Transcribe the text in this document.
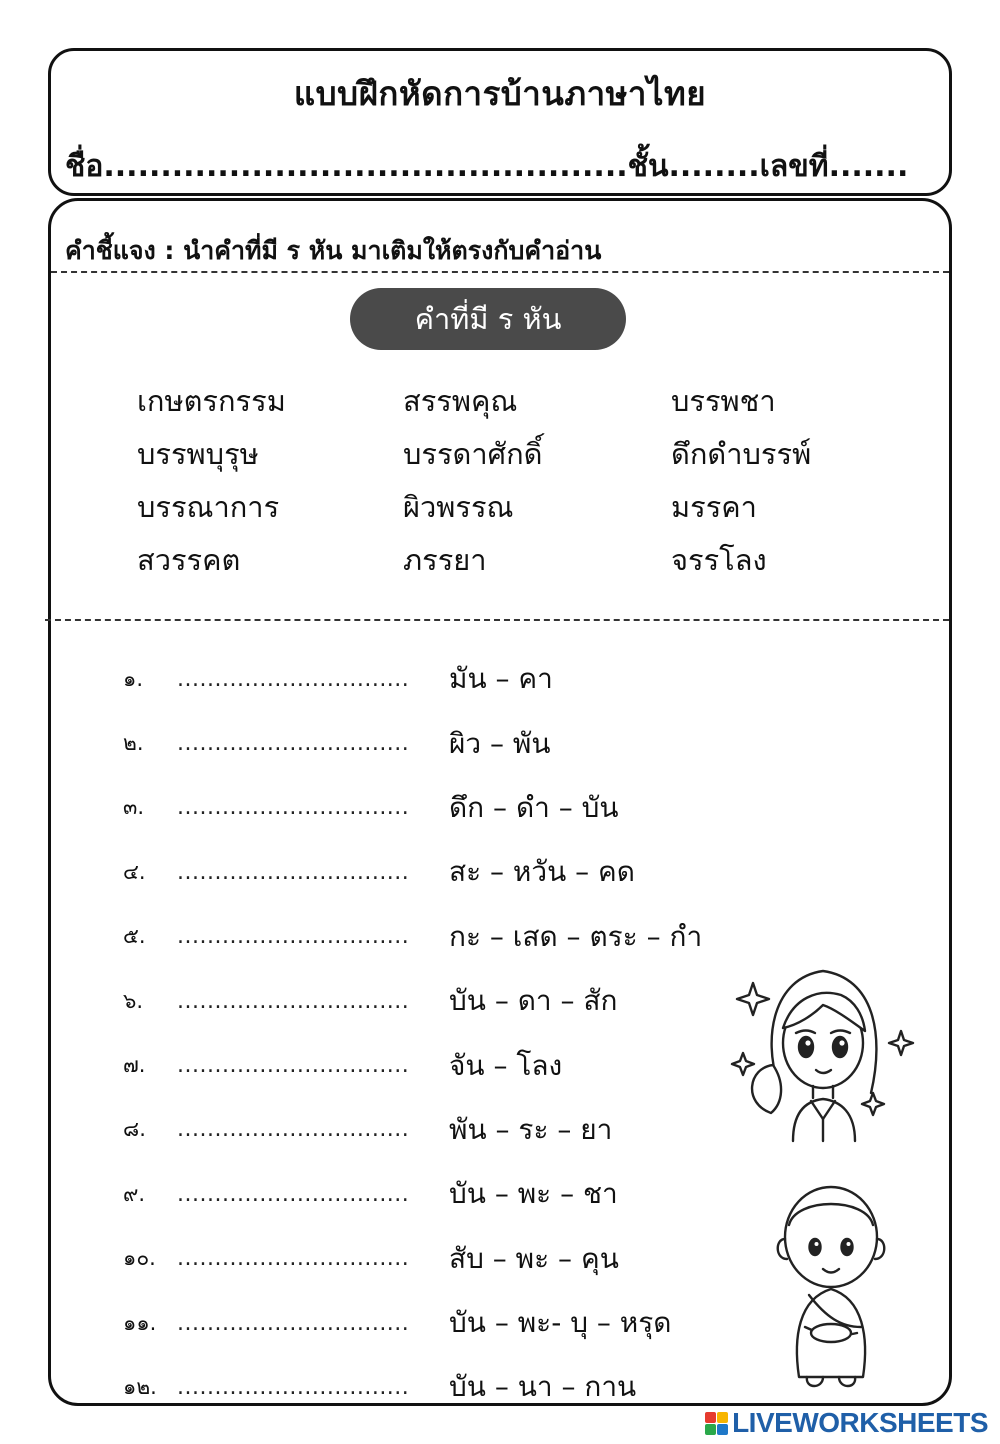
แบบฝึกหัดการบ้านภาษาไทย
ชื่อ..............................................ชั้น........เลขที่.......
คำชี้แจง : นำคำที่มี ร หัน มาเติมให้ตรงกับคำอ่าน
คำที่มี ร หัน
เกษตรกรรม	สรรพคุณ	บรรพชา
บรรพบุรุษ	บรรดาศักดิ์	ดึกดำบรรพ์
บรรณาการ	ผิวพรรณ	มรรคา
สวรรคต	ภรรยา	จรรโลง
๑.	...............................	มัน – คา
๒.	...............................	ผิว – พัน
๓.	...............................	ดึก – ดำ – บัน
๔.	...............................	สะ – หวัน – คด
๕.	...............................	กะ – เสด – ตระ – กำ
๖.	...............................	บัน – ดา – สัก
๗.	...............................	จัน – โลง
๘.	...............................	พัน – ระ – ยา
๙.	...............................	บัน – พะ – ชา
๑๐. ...............................	สับ – พะ – คุน
๑๑. ...............................	บัน – พะ- บุ – หรุด
๑๒. ...............................	บัน – นา – กาน
LIVEWORKSHEETS
